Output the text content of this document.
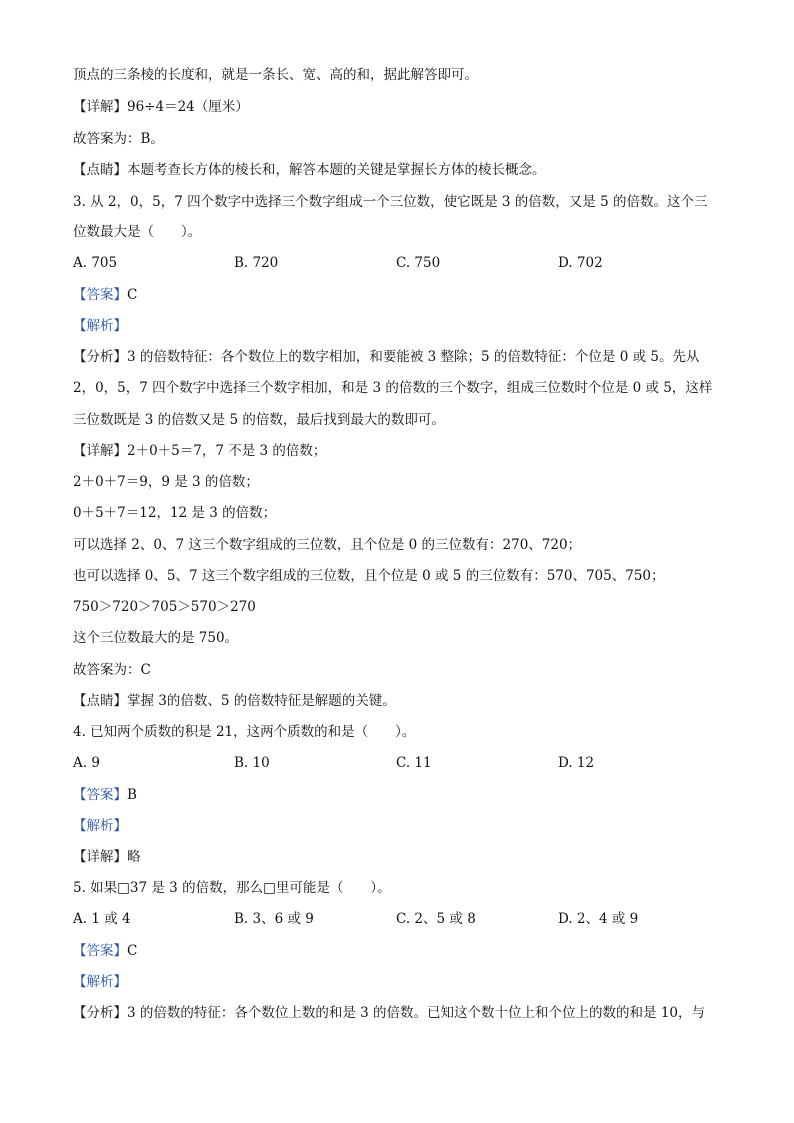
顶点的三条棱的长度和，就是一条长、宽、高的和，据此解答即可。
【详解】96÷4＝24（厘米）
故答案为：B。
【点睛】本题考查长方体的棱长和，解答本题的关键是掌握长方体的棱长概念。
3. 从 2，0，5，7 四个数字中选择三个数字组成一个三位数，使它既是 3 的倍数，又是 5 的倍数。这个三
位数最大是（　　）。
A. 705	B. 720	C. 750	D. 702
【答案】C
【解析】
【分析】3 的倍数特征：各个数位上的数字相加，和要能被 3 整除；5 的倍数特征：个位是 0 或 5。先从
2，0，5，7 四个数字中选择三个数字相加，和是 3 的倍数的三个数字，组成三位数时个位是 0 或 5，这样
三位数既是 3 的倍数又是 5 的倍数，最后找到最大的数即可。
【详解】2＋0＋5＝7，7 不是 3 的倍数；
2＋0＋7＝9，9 是 3 的倍数；
0＋5＋7＝12，12 是 3 的倍数；
可以选择 2、0、7 这三个数字组成的三位数，且个位是 0 的三位数有：270、720；
也可以选择 0、5、7 这三个数字组成的三位数，且个位是 0 或 5 的三位数有：570、705、750；
750＞720＞705＞570＞270
这个三位数最大的是 750。
故答案为：C
【点睛】掌握 3的倍数、5 的倍数特征是解题的关键。
4. 已知两个质数的积是 21，这两个质数的和是（　　）。
A. 9	B. 10	C. 11	D. 12
【答案】B
【解析】
【详解】略
5. 如果□37 是 3 的倍数，那么□里可能是（　　）。
A. 1 或 4	B. 3、6 或 9	C. 2、5 或 8	D. 2、4 或 9
【答案】C
【解析】
【分析】3 的倍数的特征：各个数位上数的和是 3 的倍数。已知这个数十位上和个位上的数的和是 10，与
